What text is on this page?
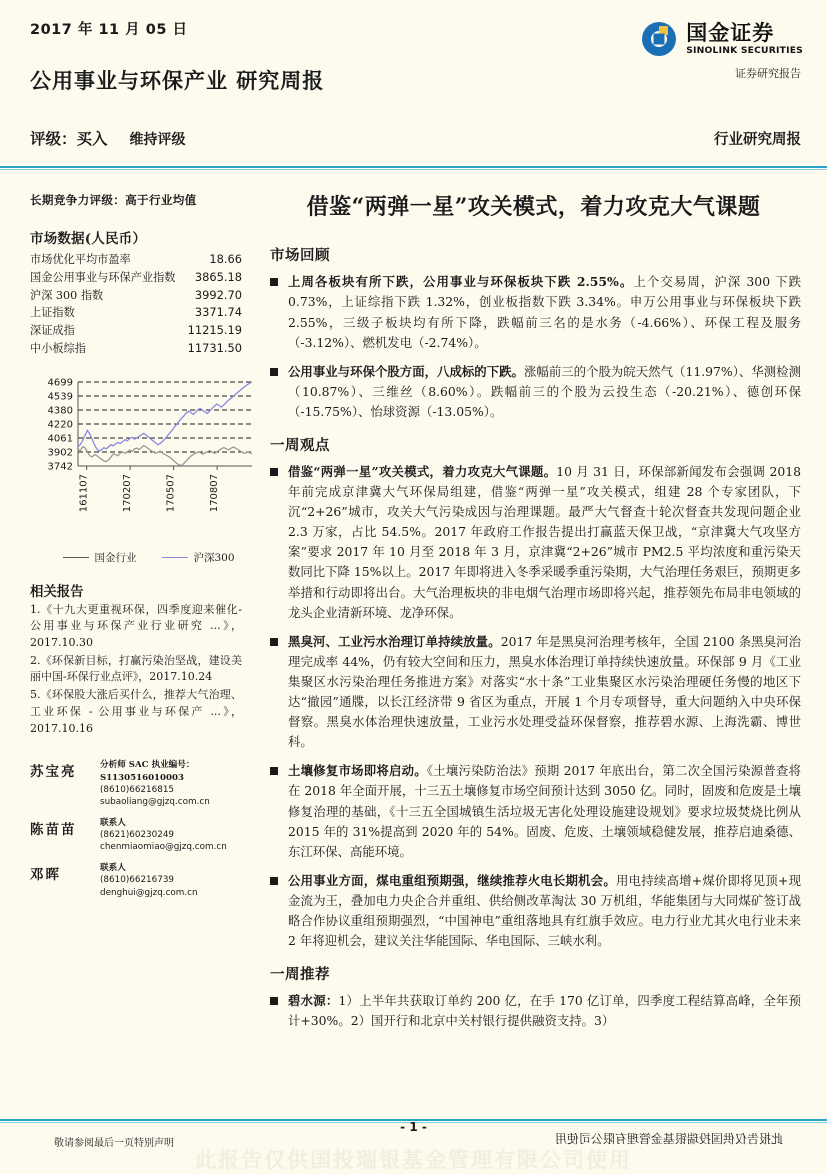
2017 年 11 月 05 日
公用事业与环保产业 研究周报
国金证券
SINOLINK SECURITIES
证券研究报告
评级：买入 维持评级	行业研究周报
长期竞争力评级：高于行业均值
市场数据(人民币）
市场优化平均市盈率	18.66
国金公用事业与环保产业指数	3865.18
沪深 300 指数	3992.70
上证指数	3371.74
深证成指	11215.19
中小板综指	11731.50
4699
4539
4380
4220
4061
3902
3742
161107	170207	170507	170807
国金行业	沪深300
相关报告
1.《十九大更重视环保，四季度迎来催化-公用事业与环保产业行业研究 ...》，2017.10.30
2.《环保新目标，打赢污染治坚战，建设美丽中国-环保行业点评》，2017.10.24
5.《环保股大涨后买什么，推荐大气治理、工业环保 - 公用事业与环保产 ...》，2017.10.16
苏宝亮	分析师 SAC 执业编号：S1130516010003
(8610)66216815
subaoliang@gjzq.com.cn
陈苗苗	联系人
(8621)60230249
chenmiaomiao@gjzq.com.cn
邓晖	联系人
(8610)66216739
denghui@gjzq.com.cn
借鉴“两弹一星”攻关模式，着力攻克大气课题
市场回顾
上周各板块有所下跌，公用事业与环保板块下跌 2.55%。上个交易周，沪深 300 下跌 0.73%，上证综指下跌 1.32%，创业板指数下跌 3.34%。申万公用事业与环保板块下跌 2.55%，三级子板块均有所下降，跌幅前三名的是水务（-4.66%）、环保工程及服务（-3.12%）、燃机发电（-2.74%）。
公用事业与环保个股方面，八成标的下跌。涨幅前三的个股为皖天然气（11.97%）、华测检测（10.87%）、三维丝（8.60%）。跌幅前三的个股为云投生态（-20.21%）、德创环保（-15.75%）、怡球资源（-13.05%）。
一周观点
借鉴“两弹一星”攻关模式，着力攻克大气课题。10 月 31 日，环保部新闻发布会强调 2018 年前完成京津冀大气环保局组建，借鉴“两弹一星”攻关模式，组建 28 个专家团队，下沉“2+26”城市，攻关大气污染成因与治理课题。最严大气督查十轮次督查共发现问题企业 2.3 万家，占比 54.5%。2017 年政府工作报告提出打赢蓝天保卫战，“京津冀大气攻坚方案”要求 2017 年 10 月至 2018 年 3 月，京津冀“2+26”城市 PM2.5 平均浓度和重污染天数同比下降 15%以上。2017 年即将进入冬季采暖季重污染期，大气治理任务艰巨，预期更多举措和行动即将出台。大气治理板块的非电烟气治理市场即将兴起，推荐领先布局非电领域的龙头企业清新环境、龙净环保。
黑臭河、工业污水治理订单持续放量。2017 年是黑臭河治理考核年，全国 2100 条黑臭河治理完成率 44%，仍有较大空间和压力，黑臭水体治理订单持续快速放量。环保部 9 月《工业集聚区水污染治理任务推进方案》对落实“水十条”工业集聚区水污染治理硬任务慢的地区下达“撤园”通牒，以长江经济带 9 省区为重点，开展 1 个月专项督导，重大问题纳入中央环保督察。黑臭水体治理快速放量，工业污水处理受益环保督察，推荐碧水源、上海洗霸、博世科。
土壤修复市场即将启动。《土壤污染防治法》预期 2017 年底出台，第二次全国污染源普查将在 2018 年全面开展，十三五土壤修复市场空间预计达到 3050 亿。同时，固废和危废是土壤修复治理的基础，《十三五全国城镇生活垃圾无害化处理设施建设规划》要求垃圾焚烧比例从 2015 年的 31%提高到 2020 年的 54%。固废、危废、土壤领域稳健发展，推荐启迪桑德、东江环保、高能环境。
公用事业方面，煤电重组预期强，继续推荐火电长期机会。用电持续高增+煤价即将见顶+现金流为王，叠加电力央企合并重组、供给侧改革淘汰 30 万机组，华能集团与大同煤矿签订战略合作协议重组预期强烈，“中国神电”重组落地具有红旗手效应。电力行业尤其火电行业未来 2 年将迎机会，建议关注华能国际、华电国际、三峡水利。
一周推荐
碧水源：1）上半年共获取订单约 200 亿，在手 170 亿订单，四季度工程结算高峰，全年预计+30%。2）国开行和北京中关村银行提供融资支持。3）
- 1 -
敬请参阅最后一页特别声明	此报告仅供国投瑞银基金管理有限公司使用
此报告仅供国投瑞银基金管理有限公司使用
